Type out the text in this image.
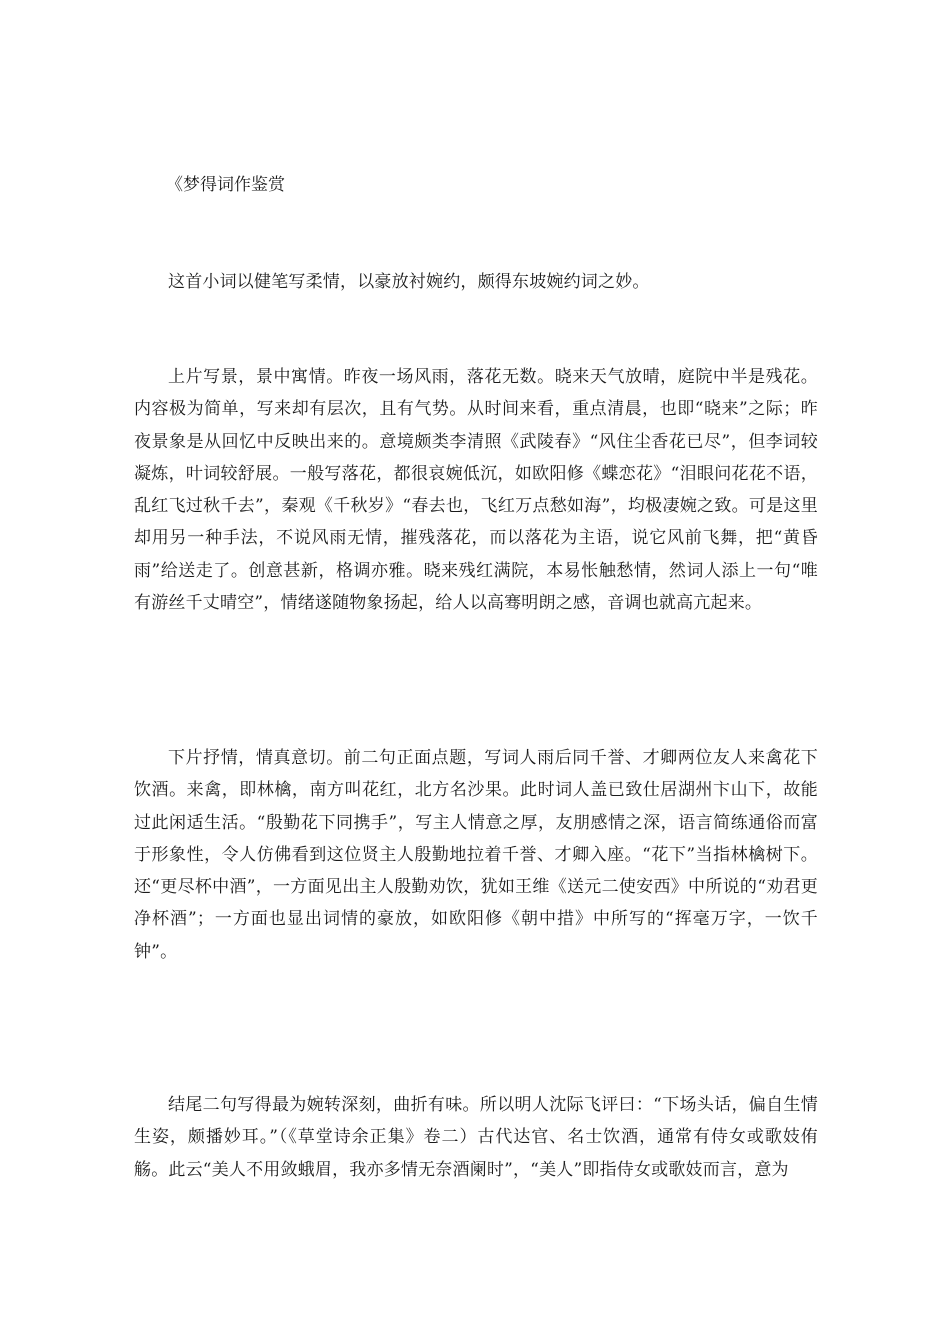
《梦得词作鉴赏

这首小词以健笔写柔情，以豪放衬婉约，颇得东坡婉约词之妙。

上片写景，景中寓情。昨夜一场风雨，落花无数。晓来天气放晴，庭院中半是残花。内容极为简单，写来却有层次，且有气势。从时间来看，重点清晨，也即“晓来”之际；昨夜景象是从回忆中反映出来的。意境颇类李清照《武陵春》“风住尘香花已尽”，但李词较凝炼，叶词较舒展。一般写落花，都很哀婉低沉，如欧阳修《蝶恋花》“泪眼问花花不语，乱红飞过秋千去”，秦观《千秋岁》“春去也，飞红万点愁如海”，均极凄婉之致。可是这里却用另一种手法，不说风雨无情，摧残落花，而以落花为主语，说它风前飞舞，把“黄昏雨”给送走了。创意甚新，格调亦雅。晓来残红满院，本易怅触愁情，然词人添上一句“唯有游丝千丈晴空”，情绪遂随物象扬起，给人以高骞明朗之感，音调也就高亢起来。

下片抒情，情真意切。前二句正面点题，写词人雨后同千誉、才卿两位友人来禽花下饮酒。来禽，即林檎，南方叫花红，北方名沙果。此时词人盖已致仕居湖州卞山下，故能过此闲适生活。“殷勤花下同携手”，写主人情意之厚，友朋感情之深，语言简练通俗而富于形象性，令人仿佛看到这位贤主人殷勤地拉着千誉、才卿入座。“花下”当指林檎树下。还“更尽杯中酒”，一方面见出主人殷勤劝饮，犹如王维《送元二使安西》中所说的“劝君更净杯酒”；一方面也显出词情的豪放，如欧阳修《朝中措》中所写的“挥毫万字，一饮千钟”。

结尾二句写得最为婉转深刻，曲折有味。所以明人沈际飞评曰：“下场头话，偏自生情生姿，颇播妙耳。”（《草堂诗余正集》卷二）古代达官、名士饮酒，通常有侍女或歌妓侑觞。此云“美人不用敛蛾眉，我亦多情无奈酒阑时”，“美人”即指侍女或歌妓而言，意为
